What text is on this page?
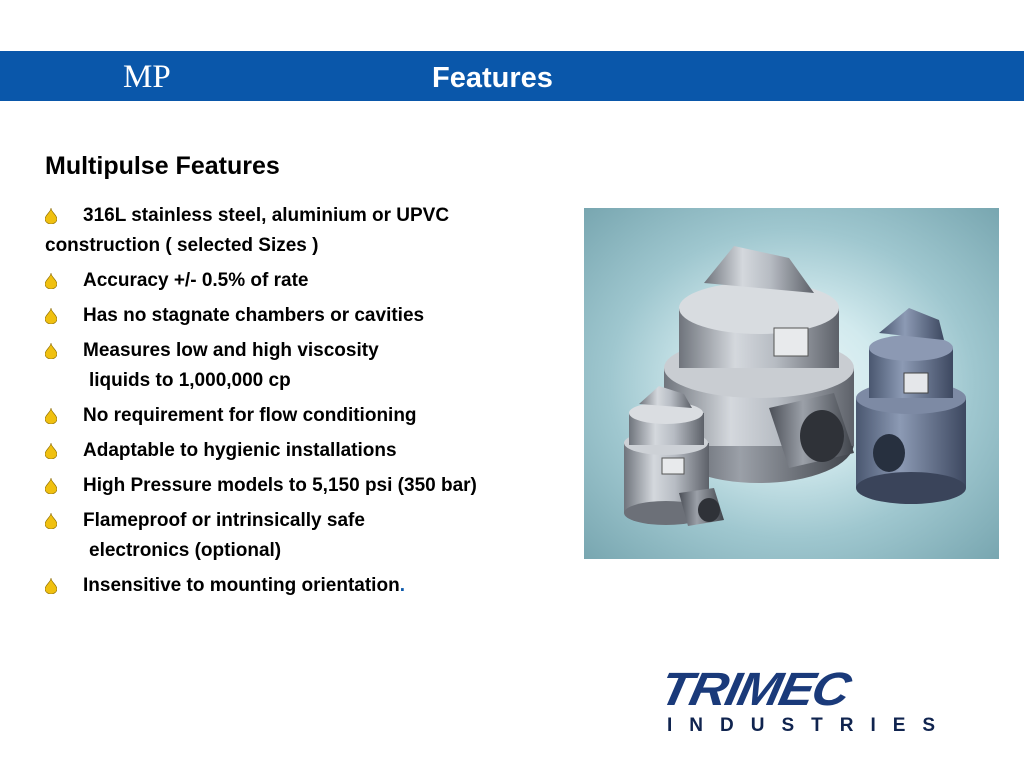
MP	Features
Multipulse Features
316L stainless steel, aluminium or UPVC
construction ( selected Sizes )
Accuracy +/- 0.5% of rate
Has no stagnate chambers or cavities
Measures low and high viscosity
liquids to 1,000,000 cp
No requirement for flow conditioning
Adaptable to hygienic installations
High Pressure models to 5,150 psi (350 bar)
Flameproof or intrinsically safe
electronics (optional)
Insensitive to mounting orientation.
TRIMEC
INDUSTRIES
